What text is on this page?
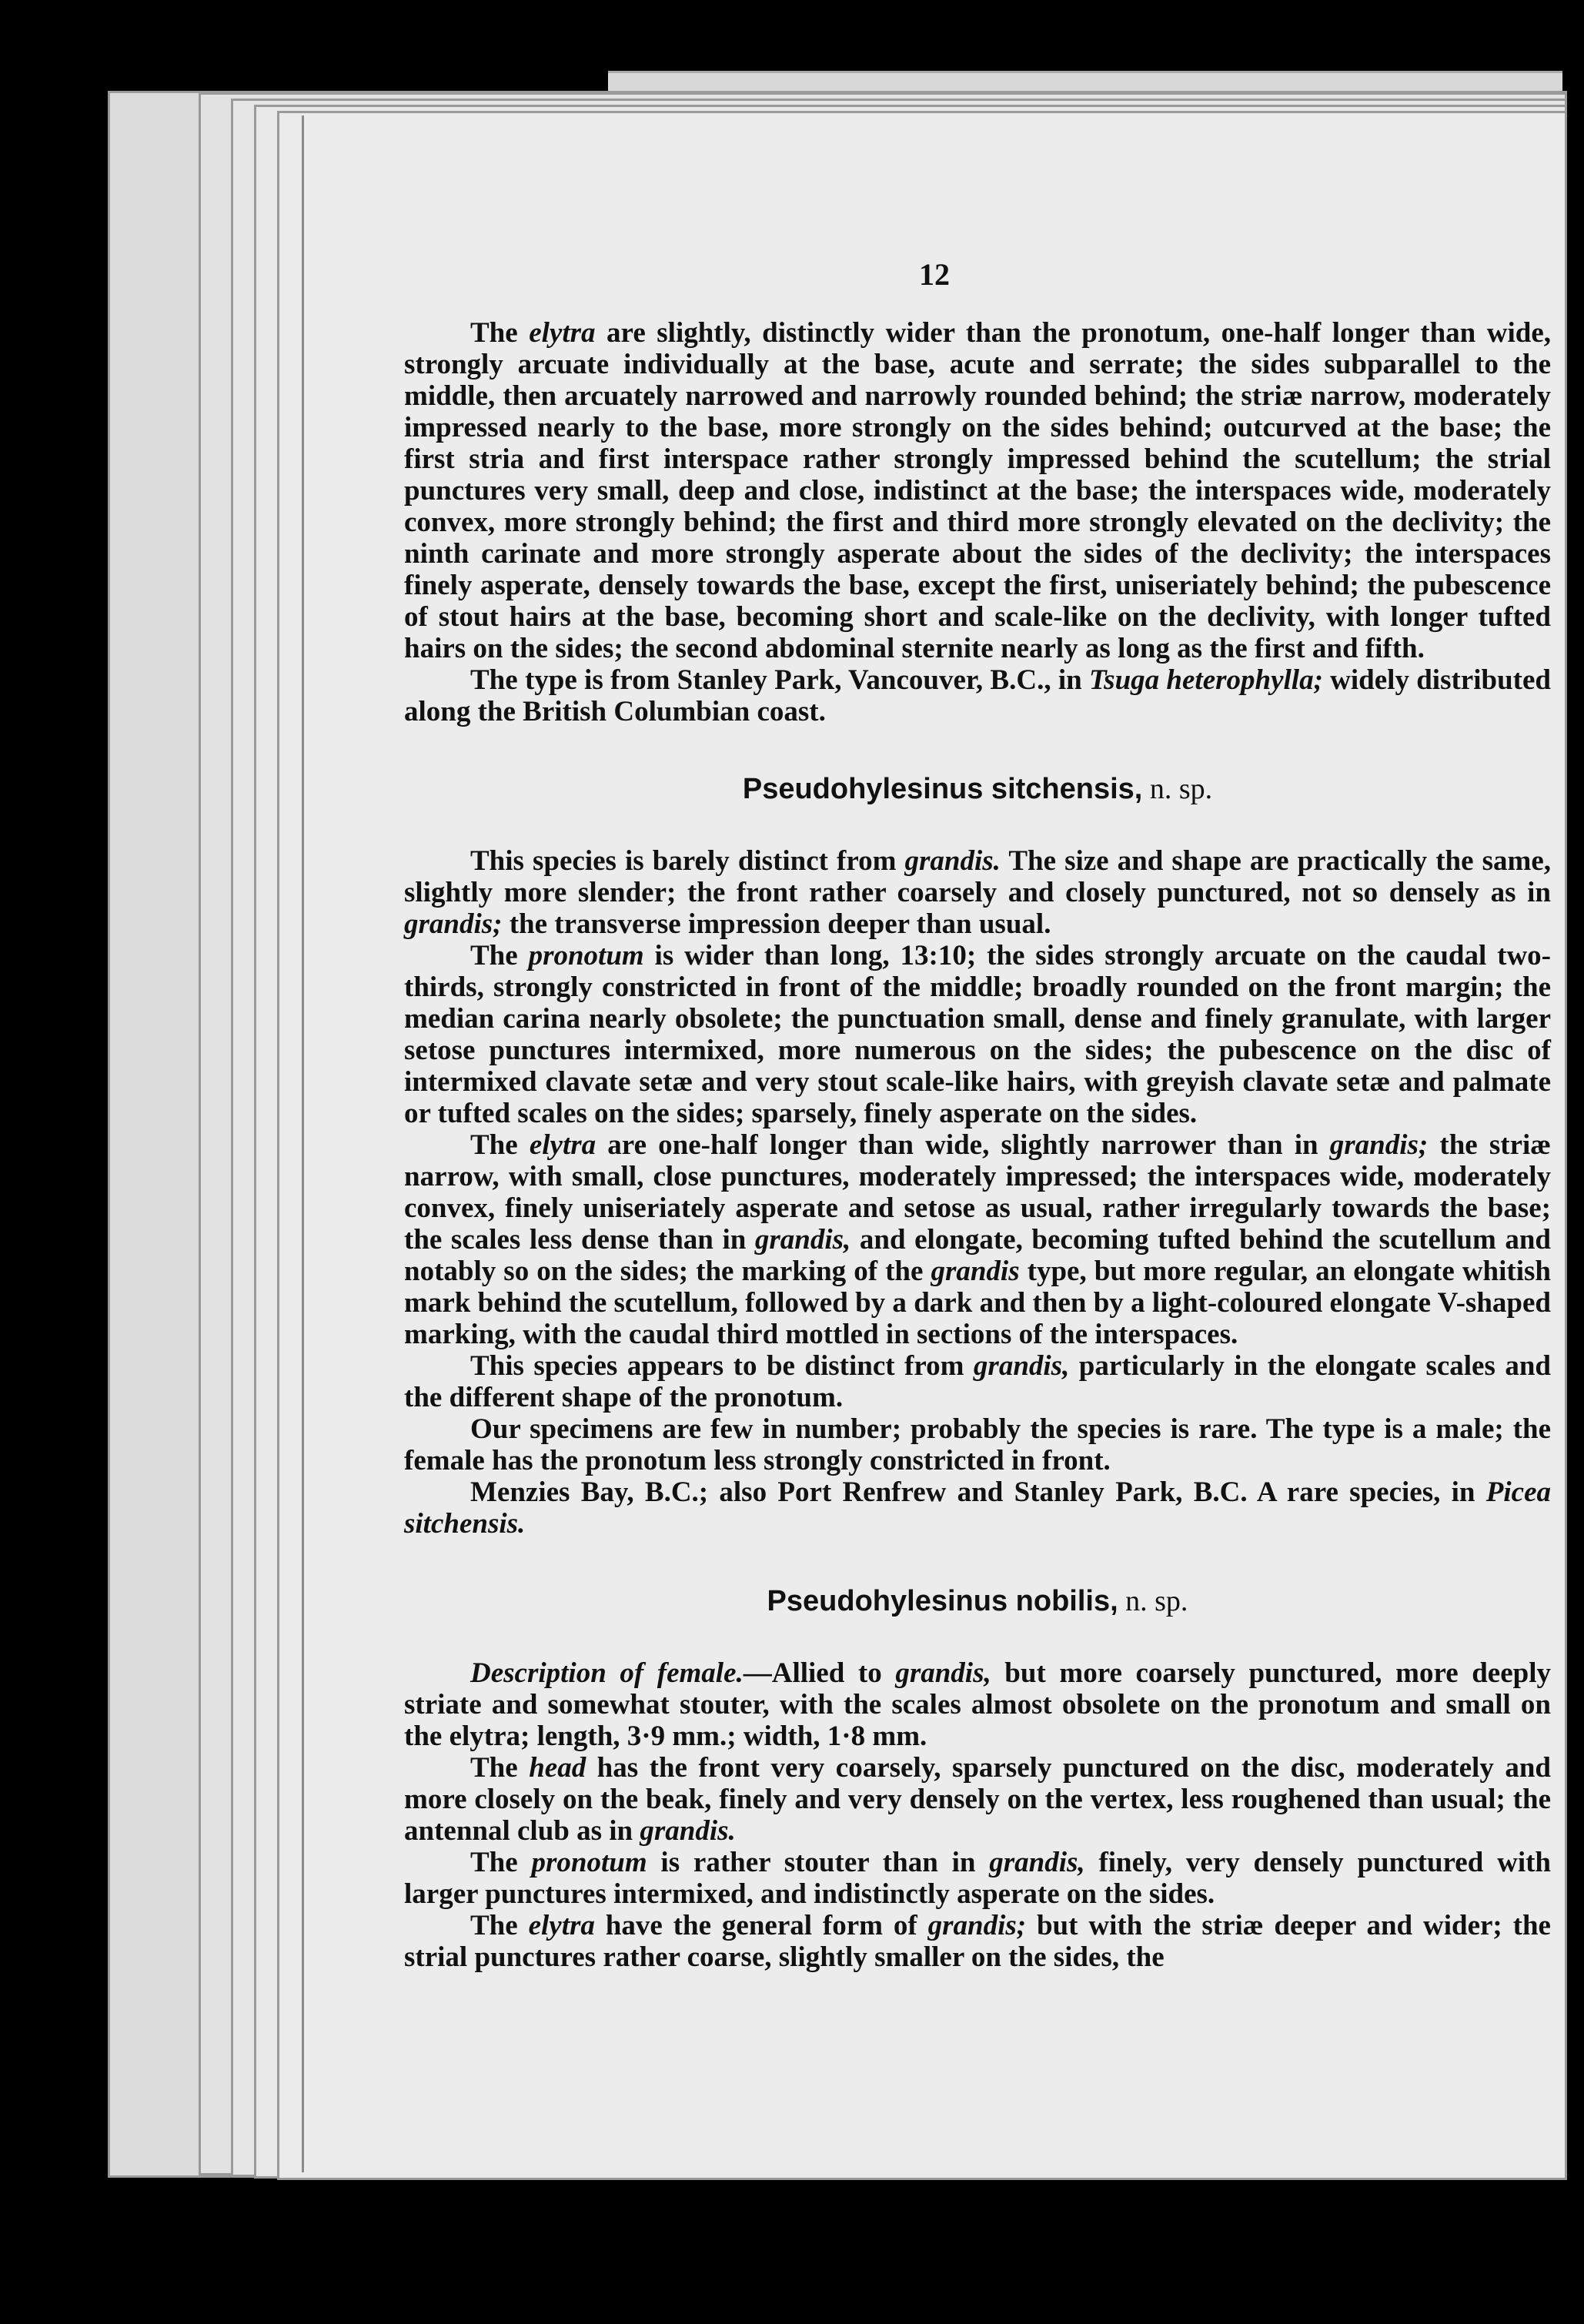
12

The elytra are slightly, distinctly wider than the pronotum, one-half longer than wide, strongly arcuate individually at the base, acute and serrate; the sides subparallel to the middle, then arcuately narrowed and narrowly rounded behind; the striæ narrow, moderately impressed nearly to the base, more strongly on the sides behind; outcurved at the base; the first stria and first interspace rather strongly impressed behind the scutellum; the strial punctures very small, deep and close, indistinct at the base; the interspaces wide, moderately convex, more strongly behind; the first and third more strongly elevated on the declivity; the ninth carinate and more strongly asperate about the sides of the declivity; the interspaces finely asperate, densely towards the base, except the first, uniseriately behind; the pubescence of stout hairs at the base, becoming short and scale-like on the declivity, with longer tufted hairs on the sides; the second abdominal sternite nearly as long as the first and fifth.

The type is from Stanley Park, Vancouver, B.C., in Tsuga heterophylla; widely distributed along the British Columbian coast.

Pseudohylesinus sitchensis, n. sp.

This species is barely distinct from grandis. The size and shape are practically the same, slightly more slender; the front rather coarsely and closely punctured, not so densely as in grandis; the transverse impression deeper than usual.

The pronotum is wider than long, 13:10; the sides strongly arcuate on the caudal two-thirds, strongly constricted in front of the middle; broadly rounded on the front margin; the median carina nearly obsolete; the punctuation small, dense and finely granulate, with larger setose punctures intermixed, more numerous on the sides; the pubescence on the disc of intermixed clavate setæ and very stout scale-like hairs, with greyish clavate setæ and palmate or tufted scales on the sides; sparsely, finely asperate on the sides.

The elytra are one-half longer than wide, slightly narrower than in grandis; the striæ narrow, with small, close punctures, moderately impressed; the interspaces wide, moderately convex, finely uniseriately asperate and setose as usual, rather irregularly towards the base; the scales less dense than in grandis, and elongate, becoming tufted behind the scutellum and notably so on the sides; the marking of the grandis type, but more regular, an elongate whitish mark behind the scutellum, followed by a dark and then by a light-coloured elongate V-shaped marking, with the caudal third mottled in sections of the interspaces.

This species appears to be distinct from grandis, particularly in the elongate scales and the different shape of the pronotum.

Our specimens are few in number; probably the species is rare. The type is a male; the female has the pronotum less strongly constricted in front.

Menzies Bay, B.C.; also Port Renfrew and Stanley Park, B.C. A rare species, in Picea sitchensis.

Pseudohylesinus nobilis, n. sp.

Description of female.—Allied to grandis, but more coarsely punctured, more deeply striate and somewhat stouter, with the scales almost obsolete on the pronotum and small on the elytra; length, 3·9 mm.; width, 1·8 mm.

The head has the front very coarsely, sparsely punctured on the disc, moderately and more closely on the beak, finely and very densely on the vertex, less roughened than usual; the antennal club as in grandis.

The pronotum is rather stouter than in grandis, finely, very densely punctured with larger punctures intermixed, and indistinctly asperate on the sides.

The elytra have the general form of grandis; but with the striæ deeper and wider; the strial punctures rather coarse, slightly smaller on the sides, the
